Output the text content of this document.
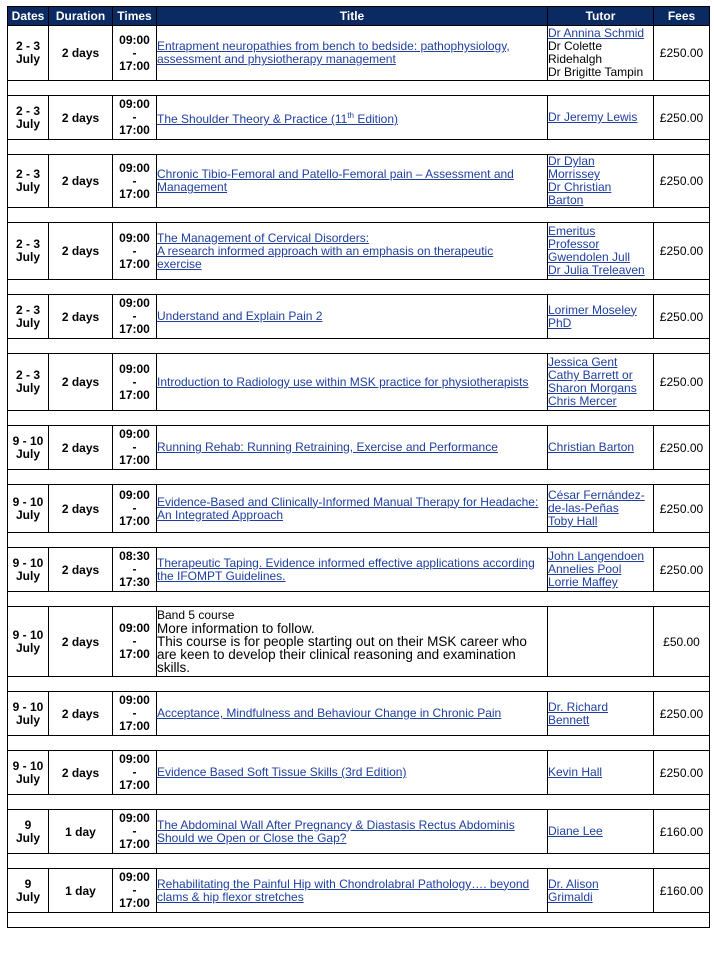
Dates	Duration	Times	Title	Tutor	Fees

2 - 3
July	2 days	09:00
-
17:00	Entrapment neuropathies from bench to bedside: pathophysiology,
assessment and physiotherapy management	Dr Annina Schmid
Dr Colette
Ridehalgh
Dr Brigitte Tampin	£250.00

2 - 3
July	2 days	09:00
-
17:00	The Shoulder Theory & Practice (11th Edition)	Dr Jeremy Lewis	£250.00

2 - 3
July	2 days	09:00
-
17:00	Chronic Tibio-Femoral and Patello-Femoral pain – Assessment and
Management	Dr Dylan
Morrissey
Dr Christian
Barton	£250.00

2 - 3
July	2 days	09:00
-
17:00	The Management of Cervical Disorders:
A research informed approach with an emphasis on therapeutic
exercise	Emeritus
Professor
Gwendolen Jull
Dr Julia Treleaven	£250.00

2 - 3
July	2 days	09:00
-
17:00	Understand and Explain Pain 2	Lorimer Moseley
PhD	£250.00

2 - 3
July	2 days	09:00
-
17:00	Introduction to Radiology use within MSK practice for physiotherapists	Jessica Gent
Cathy Barrett or
Sharon Morgans
Chris Mercer	£250.00

9 - 10
July	2 days	09:00
-
17:00	Running Rehab: Running Retraining, Exercise and Performance	Christian Barton	£250.00

9 - 10
July	2 days	09:00
-
17:00	Evidence-Based and Clinically-Informed Manual Therapy for Headache:
An Integrated Approach	César Fernández-
de-las-Peñas
Toby Hall	£250.00

9 - 10
July	2 days	08:30
-
17:30	Therapeutic Taping. Evidence informed effective applications according
the IFOMPT Guidelines.	John Langendoen
Annelies Pool
Lorrie Maffey	£250.00

9 - 10
July	2 days	09:00
-
17:00	Band 5 course
More information to follow.
This course is for people starting out on their MSK career who
are keen to develop their clinical reasoning and examination
skills.		£50.00

9 - 10
July	2 days	09:00
-
17:00	Acceptance, Mindfulness and Behaviour Change in Chronic Pain	Dr. Richard
Bennett	£250.00

9 - 10
July	2 days	09:00
-
17:00	Evidence Based Soft Tissue Skills (3rd Edition)	Kevin Hall	£250.00

9
July	1 day	09:00
-
17:00	The Abdominal Wall After Pregnancy & Diastasis Rectus Abdominis
Should we Open or Close the Gap?	Diane Lee	£160.00

9
July	1 day	09:00
-
17:00	Rehabilitating the Painful Hip with Chondrolabral Pathology…. beyond
clams & hip flexor stretches	Dr. Alison
Grimaldi	£160.00
